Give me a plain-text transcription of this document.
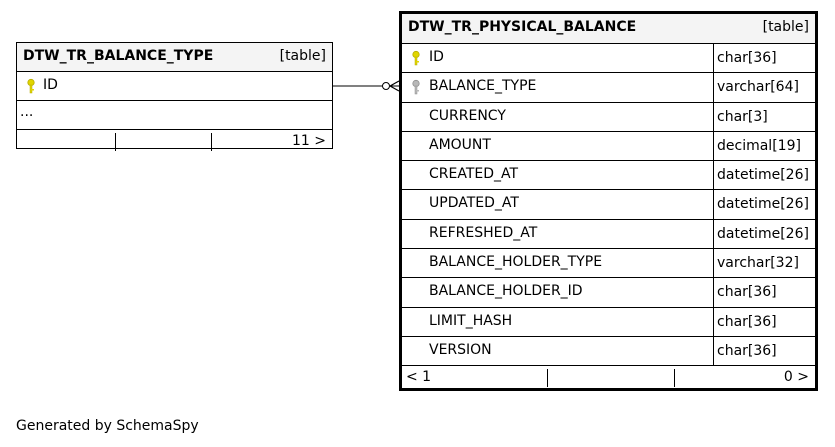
DTW_TR_BALANCE_TYPE	[table]
ID
...
11 >
DTW_TR_PHYSICAL_BALANCE	[table]
ID	char[36]
BALANCE_TYPE	varchar[64]
CURRENCY	char[3]
AMOUNT	decimal[19]
CREATED_AT	datetime[26]
UPDATED_AT	datetime[26]
REFRESHED_AT	datetime[26]
BALANCE_HOLDER_TYPE	varchar[32]
BALANCE_HOLDER_ID	char[36]
LIMIT_HASH	char[36]
VERSION	char[36]
< 1	0 >
Generated by SchemaSpy
